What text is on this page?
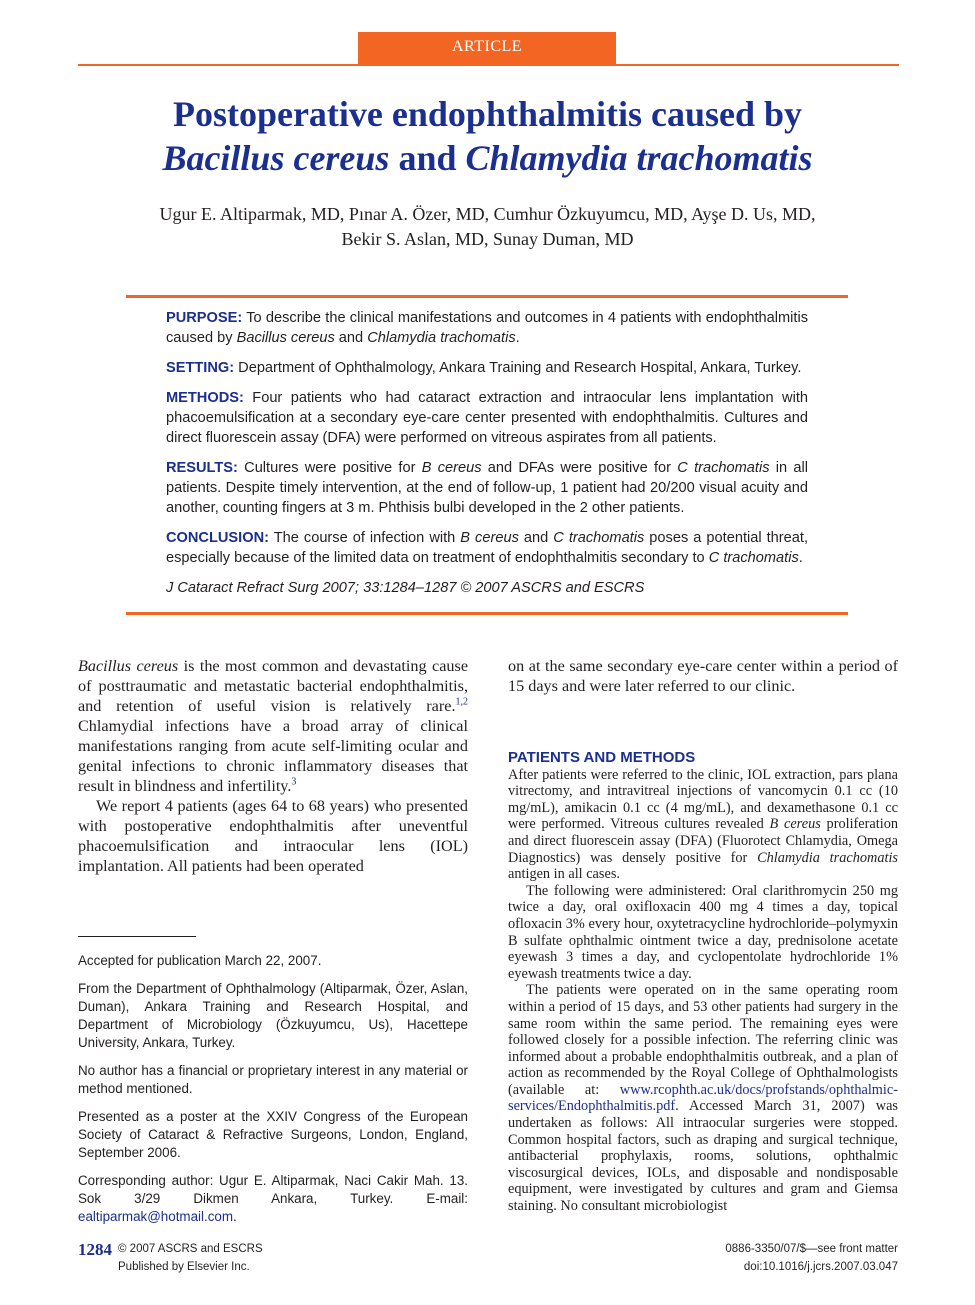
ARTICLE
Postoperative endophthalmitis caused by
Bacillus cereus and Chlamydia trachomatis
Ugur E. Altiparmak, MD, Pınar A. Özer, MD, Cumhur Özkuyumcu, MD, Ayşe D. Us, MD,
Bekir S. Aslan, MD, Sunay Duman, MD

PURPOSE: To describe the clinical manifestations and outcomes in 4 patients with endophthalmitis caused by Bacillus cereus and Chlamydia trachomatis.

SETTING: Department of Ophthalmology, Ankara Training and Research Hospital, Ankara, Turkey.

METHODS: Four patients who had cataract extraction and intraocular lens implantation with phacoemulsification at a secondary eye-care center presented with endophthalmitis. Cultures and direct fluorescein assay (DFA) were performed on vitreous aspirates from all patients.

RESULTS: Cultures were positive for B cereus and DFAs were positive for C trachomatis in all patients. Despite timely intervention, at the end of follow-up, 1 patient had 20/200 visual acuity and another, counting fingers at 3 m. Phthisis bulbi developed in the 2 other patients.

CONCLUSION: The course of infection with B cereus and C trachomatis poses a potential threat, especially because of the limited data on treatment of endophthalmitis secondary to C trachomatis.

J Cataract Refract Surg 2007; 33:1284–1287 © 2007 ASCRS and ESCRS

Bacillus cereus is the most common and devastating cause of posttraumatic and metastatic bacterial endophthalmitis, and retention of useful vision is relatively rare.$^{1,2}$ Chlamydial infections have a broad array of clinical manifestations ranging from acute self-limiting ocular and genital infections to chronic inflammatory diseases that result in blindness and infertility.$^3$

We report 4 patients (ages 64 to 68 years) who presented with postoperative endophthalmitis after uneventful phacoemulsification and intraocular lens (IOL) implantation. All patients had been operated

Accepted for publication March 22, 2007.

From the Department of Ophthalmology (Altiparmak, Özer, Aslan, Duman), Ankara Training and Research Hospital, and Department of Microbiology (Özkuyumcu, Us), Hacettepe University, Ankara, Turkey.

No author has a financial or proprietary interest in any material or method mentioned.

Presented as a poster at the XXIV Congress of the European Society of Cataract & Refractive Surgeons, London, England, September 2006.

Corresponding author: Ugur E. Altiparmak, Naci Cakir Mah. 13. Sok 3/29 Dikmen Ankara, Turkey. E-mail: ealtiparmak@hotmail.com.

on at the same secondary eye-care center within a period of 15 days and were later referred to our clinic.

PATIENTS AND METHODS

After patients were referred to the clinic, IOL extraction, pars plana vitrectomy, and intravitreal injections of vancomycin 0.1 cc (10 mg/mL), amikacin 0.1 cc (4 mg/mL), and dexamethasone 0.1 cc were performed. Vitreous cultures revealed B cereus proliferation and direct fluorescein assay (DFA) (Fluorotect Chlamydia, Omega Diagnostics) was densely positive for Chlamydia trachomatis antigen in all cases.

The following were administered: Oral clarithromycin 250 mg twice a day, oral oxifloxacin 400 mg 4 times a day, topical ofloxacin 3% every hour, oxytetracycline hydrochloride–polymyxin B sulfate ophthalmic ointment twice a day, prednisolone acetate eyewash 3 times a day, and cyclopentolate hydrochloride 1% eyewash treatments twice a day.

The patients were operated on in the same operating room within a period of 15 days, and 53 other patients had surgery in the same room within the same period. The remaining eyes were followed closely for a possible infection. The referring clinic was informed about a probable endophthalmitis outbreak, and a plan of action as recommended by the Royal College of Ophthalmologists (available at: www.rcophth.ac.uk/docs/profstands/ophthalmic-services/Endophthalmitis.pdf. Accessed March 31, 2007) was undertaken as follows: All intraocular surgeries were stopped. Common hospital factors, such as draping and surgical technique, antibacterial prophylaxis, rooms, solutions, ophthalmic viscosurgical devices, IOLs, and disposable and nondisposable equipment, were investigated by cultures and gram and Giemsa staining. No consultant microbiologist

1284 © 2007 ASCRS and ESCRS
Published by Elsevier Inc.
0886-3350/07/$—see front matter
doi:10.1016/j.jcrs.2007.03.047
